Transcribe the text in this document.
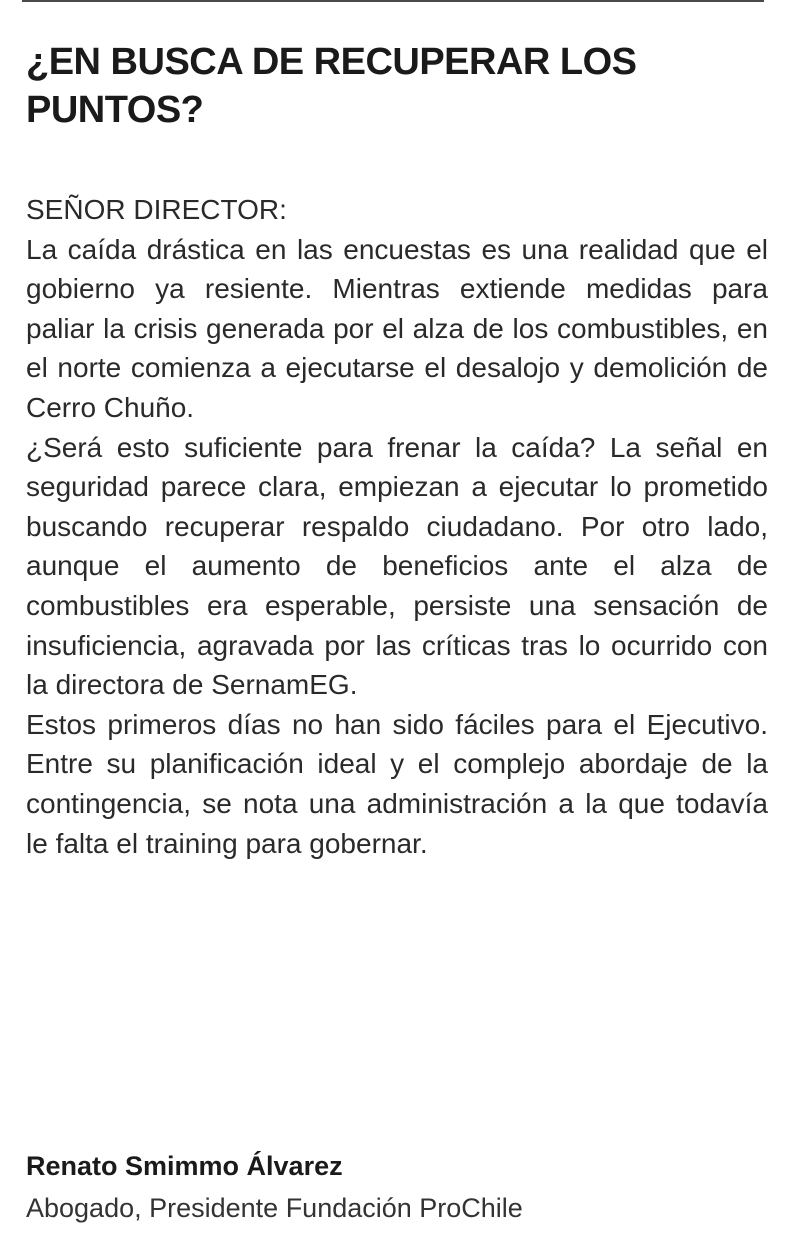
¿EN BUSCA DE RECUPERAR LOS PUNTOS?
SEÑOR DIRECTOR:

La caída drástica en las encuestas es una realidad que el gobierno ya resiente. Mientras extiende medidas para paliar la crisis generada por el alza de los combustibles, en el norte comienza a ejecutarse el desalojo y demolición de Cerro Chuño.

¿Será esto suficiente para frenar la caída? La señal en seguridad parece clara, empiezan a ejecutar lo prometido buscando recuperar respaldo ciudadano. Por otro lado, aunque el aumento de beneficios ante el alza de combustibles era esperable, persiste una sensación de insuficiencia, agravada por las críticas tras lo ocurrido con la directora de SernamEG.

Estos primeros días no han sido fáciles para el Ejecutivo. Entre su planificación ideal y el complejo abordaje de la contingencia, se nota una administración a la que todavía le falta el training para gobernar.

Renato Smimmo Álvarez
Abogado, Presidente Fundación ProChile
